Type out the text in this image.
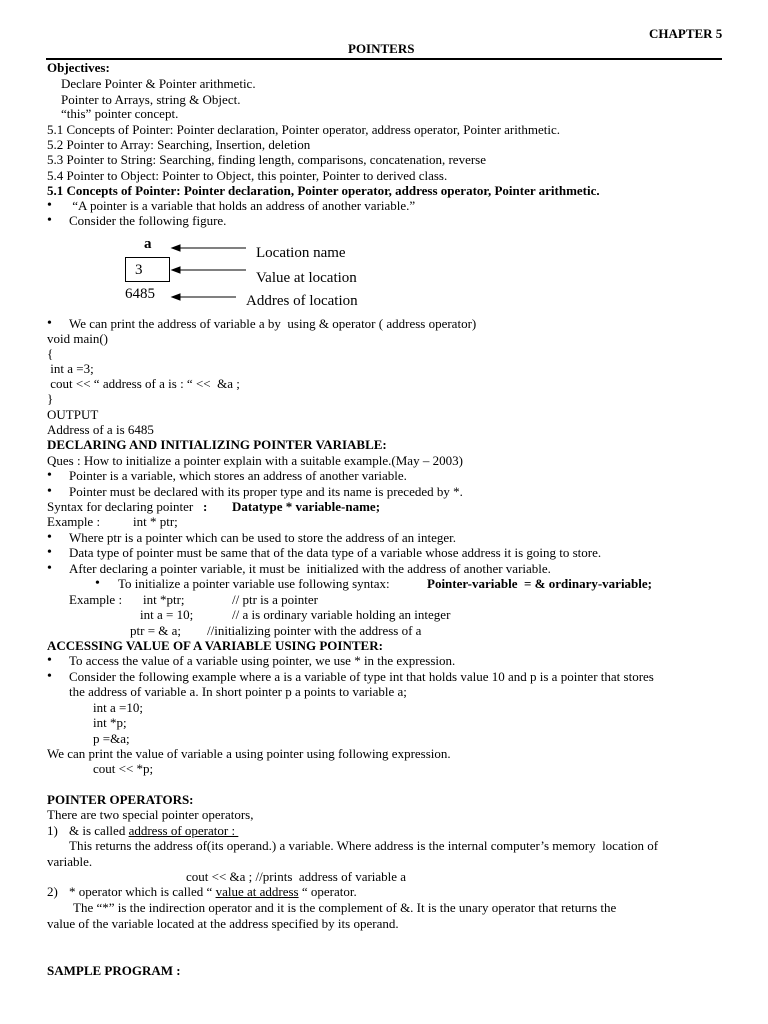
CHAPTER 5
POINTERS
Objectives:
Declare Pointer & Pointer arithmetic.
Pointer to Arrays, string & Object.
“this” pointer concept.
5.1 Concepts of Pointer: Pointer declaration, Pointer operator, address operator, Pointer arithmetic.
5.2 Pointer to Array: Searching, Insertion, deletion
5.3 Pointer to String: Searching, finding length, comparisons, concatenation, reverse
5.4 Pointer to Object: Pointer to Object, this pointer, Pointer to derived class.
5.1 Concepts of Pointer: Pointer declaration, Pointer operator, address operator, Pointer arithmetic.
• “A pointer is a variable that holds an address of another variable.”
• Consider the following figure.
a
3
6485
Location name
Value at location
Addres of location
• We can print the address of variable a by  using & operator ( address operator)
void main()
{
int a =3;
cout << “ address of a is : “ <<  &a ;
}
OUTPUT
Address of a is 6485
DECLARING AND INITIALIZING POINTER VARIABLE:
Ques : How to initialize a pointer explain with a suitable example.(May – 2003)
• Pointer is a variable, which stores an address of another variable.
• Pointer must be declared with its proper type and its name is preceded by *.
Syntax for declaring pointer : Datatype * variable-name;
Example :	int * ptr;
• Where ptr is a pointer which can be used to store the address of an integer.
• Data type of pointer must be same that of the data type of a variable whose address it is going to store.
• After declaring a pointer variable, it must be  initialized with the address of another variable.
• To initialize a pointer variable use following syntax:	Pointer-variable  = & ordinary-variable;
Example : int *ptr;	// ptr is a pointer
int a = 10;	// a is ordinary variable holding an integer
ptr = & a; //initializing pointer with the address of a
ACCESSING VALUE OF A VARIABLE USING POINTER:
• To access the value of a variable using pointer, we use * in the expression.
• Consider the following example where a is a variable of type int that holds value 10 and p is a pointer that stores
the address of variable a. In short pointer p a points to variable a;
int a =10;
int *p;
p =&a;
We can print the value of variable a using pointer using following expression.
cout << *p;
POINTER OPERATORS:
There are two special pointer operators,
1) & is called address of operator :
This returns the address of(its operand.) a variable. Where address is the internal computer’s memory  location of
variable.
cout << &a ; //prints  address of variable a
2) * operator which is called “ value at address “ operator.
The “*” is the indirection operator and it is the complement of &. It is the unary operator that returns the
value of the variable located at the address specified by its operand.
SAMPLE PROGRAM :
